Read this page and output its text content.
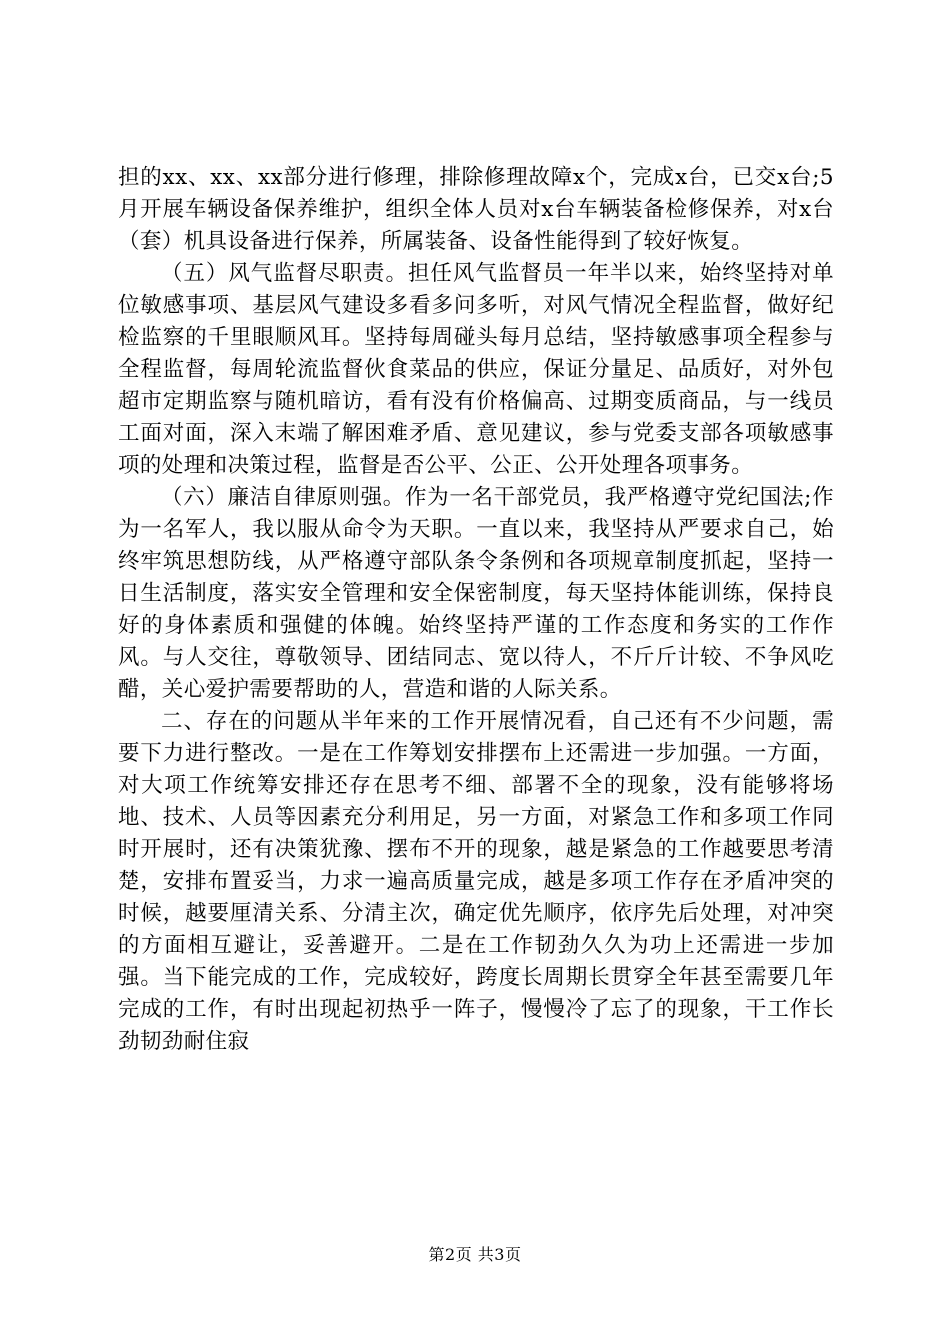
担的xx、xx、xx部分进行修理，排除修理故障x个，完成x台，已交x台;5月开展车辆设备保养维护，组织全体人员对x台车辆装备检修保养，对x台（套）机具设备进行保养，所属装备、设备性能得到了较好恢复。

（五）风气监督尽职责。担任风气监督员一年半以来，始终坚持对单位敏感事项、基层风气建设多看多问多听，对风气情况全程监督，做好纪检监察的千里眼顺风耳。坚持每周碰头每月总结，坚持敏感事项全程参与全程监督，每周轮流监督伙食菜品的供应，保证分量足、品质好，对外包超市定期监察与随机暗访，看有没有价格偏高、过期变质商品，与一线员工面对面，深入末端了解困难矛盾、意见建议，参与党委支部各项敏感事项的处理和决策过程，监督是否公平、公正、公开处理各项事务。

（六）廉洁自律原则强。作为一名干部党员，我严格遵守党纪国法;作为一名军人，我以服从命令为天职。一直以来，我坚持从严要求自己，始终牢筑思想防线，从严格遵守部队条令条例和各项规章制度抓起，坚持一日生活制度，落实安全管理和安全保密制度，每天坚持体能训练，保持良好的身体素质和强健的体魄。始终坚持严谨的工作态度和务实的工作作风。与人交往，尊敬领导、团结同志、宽以待人，不斤斤计较、不争风吃醋，关心爱护需要帮助的人，营造和谐的人际关系。

二、存在的问题从半年来的工作开展情况看，自己还有不少问题，需要下力进行整改。一是在工作筹划安排摆布上还需进一步加强。一方面，对大项工作统筹安排还存在思考不细、部署不全的现象，没有能够将场地、技术、人员等因素充分利用足，另一方面，对紧急工作和多项工作同时开展时，还有决策犹豫、摆布不开的现象，越是紧急的工作越要思考清楚，安排布置妥当，力求一遍高质量完成，越是多项工作存在矛盾冲突的时候，越要厘清关系、分清主次，确定优先顺序，依序先后处理，对冲突的方面相互避让，妥善避开。二是在工作韧劲久久为功上还需进一步加强。当下能完成的工作，完成较好，跨度长周期长贯穿全年甚至需要几年完成的工作，有时出现起初热乎一阵子，慢慢冷了忘了的现象，干工作长劲韧劲耐住寂

第2页 共3页
